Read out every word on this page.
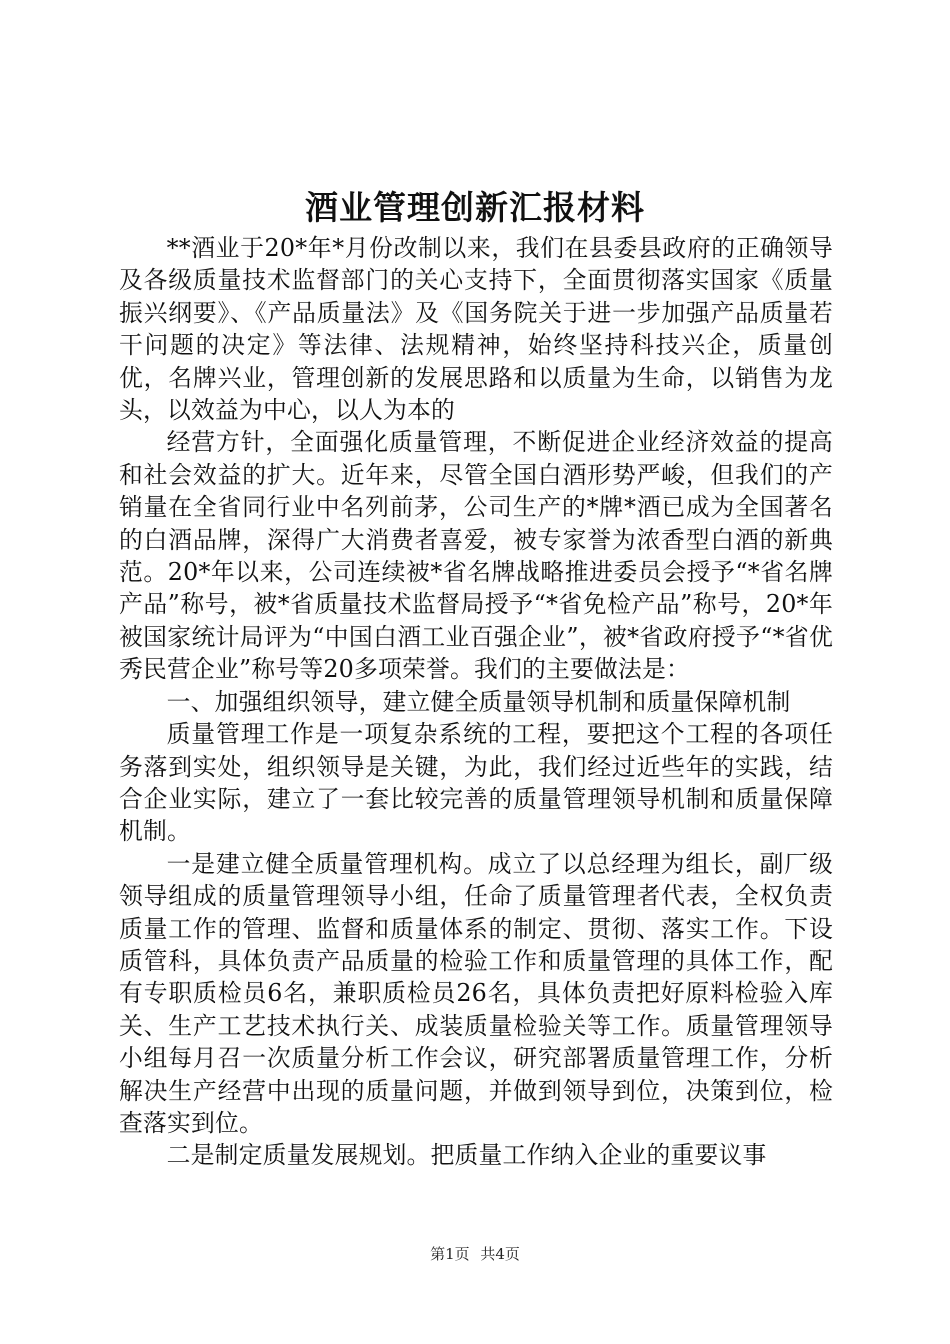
酒业管理创新汇报材料

**酒业于20*年*月份改制以来，我们在县委县政府的正确领导及各级质量技术监督部门的关心支持下，全面贯彻落实国家《质量振兴纲要》、《产品质量法》及《国务院关于进一步加强产品质量若干问题的决定》等法律、法规精神，始终坚持科技兴企，质量创优，名牌兴业，管理创新的发展思路和以质量为生命，以销售为龙头，以效益为中心，以人为本的

经营方针，全面强化质量管理，不断促进企业经济效益的提高和社会效益的扩大。近年来，尽管全国白酒形势严峻，但我们的产销量在全省同行业中名列前茅，公司生产的*牌*酒已成为全国著名的白酒品牌，深得广大消费者喜爱，被专家誉为浓香型白酒的新典范。20*年以来，公司连续被*省名牌战略推进委员会授予“*省名牌产品”称号，被*省质量技术监督局授予“*省免检产品”称号，20*年被国家统计局评为“中国白酒工业百强企业”，被*省政府授予“*省优秀民营企业”称号等20多项荣誉。我们的主要做法是：

一、加强组织领导，建立健全质量领导机制和质量保障机制

质量管理工作是一项复杂系统的工程，要把这个工程的各项任务落到实处，组织领导是关键，为此，我们经过近些年的实践，结合企业实际，建立了一套比较完善的质量管理领导机制和质量保障机制。

一是建立健全质量管理机构。成立了以总经理为组长，副厂级领导组成的质量管理领导小组，任命了质量管理者代表，全权负责质量工作的管理、监督和质量体系的制定、贯彻、落实工作。下设质管科，具体负责产品质量的检验工作和质量管理的具体工作，配有专职质检员6名，兼职质检员26名，具体负责把好原料检验入库关、生产工艺技术执行关、成装质量检验关等工作。质量管理领导小组每月召一次质量分析工作会议，研究部署质量管理工作，分析解决生产经营中出现的质量问题，并做到领导到位，决策到位，检查落实到位。

二是制定质量发展规划。把质量工作纳入企业的重要议事

第1页 共4页
